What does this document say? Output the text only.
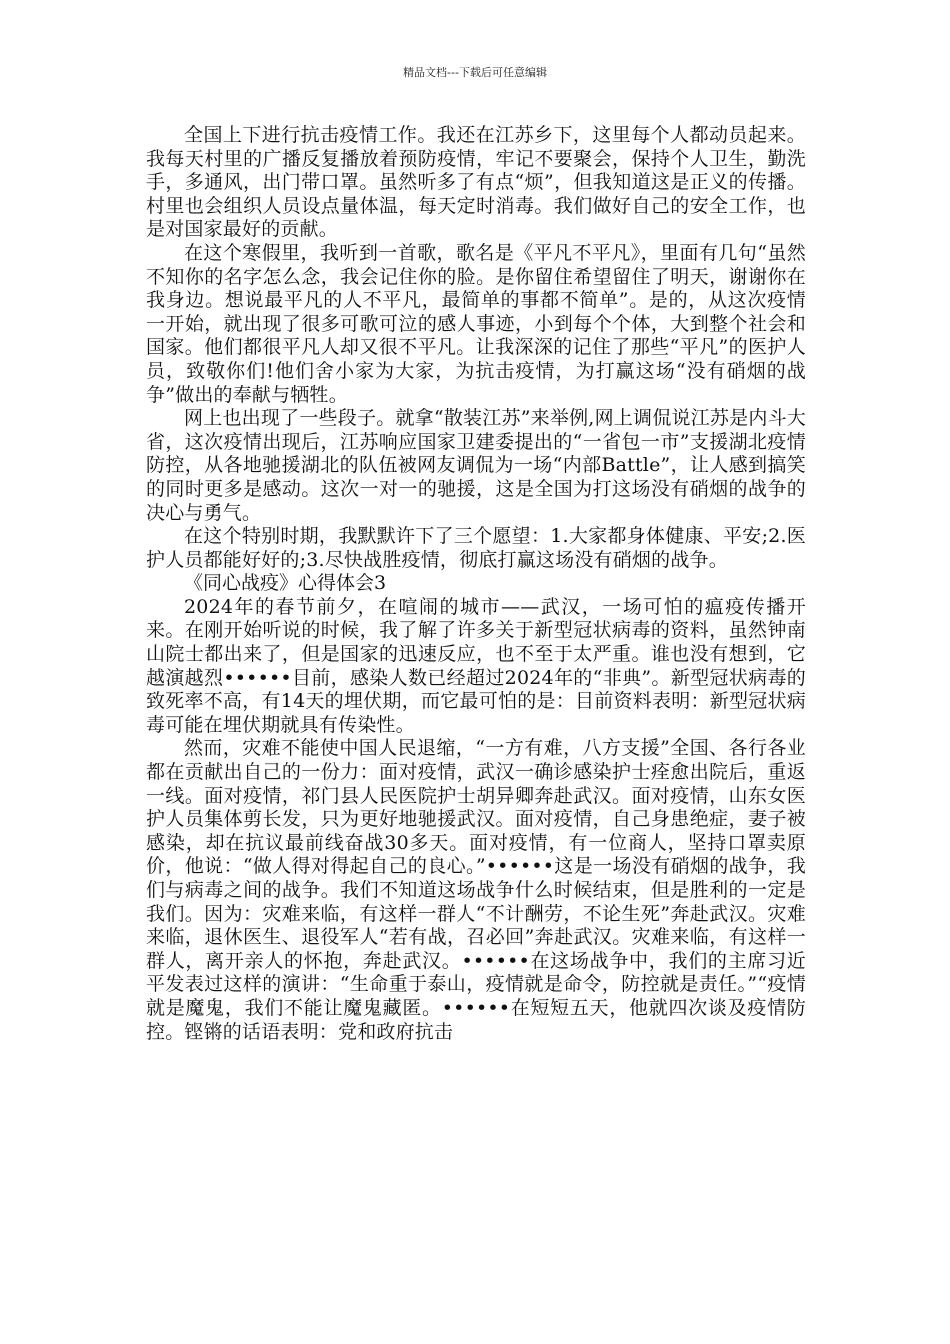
精品文档---下载后可任意编辑

全国上下进行抗击疫情工作。我还在江苏乡下，这里每个人都动员起来。我每天村里的广播反复播放着预防疫情，牢记不要聚会，保持个人卫生，勤洗手，多通风，出门带口罩。虽然听多了有点“烦”，但我知道这是正义的传播。村里也会组织人员设点量体温，每天定时消毒。我们做好自己的安全工作，也是对国家最好的贡献。

在这个寒假里，我听到一首歌，歌名是《平凡不平凡》，里面有几句“虽然不知你的名字怎么念，我会记住你的脸。是你留住希望留住了明天，谢谢你在我身边。想说最平凡的人不平凡，最简单的事都不简单”。是的，从这次疫情一开始，就出现了很多可歌可泣的感人事迹，小到每个个体，大到整个社会和国家。他们都很平凡人却又很不平凡。让我深深的记住了那些“平凡”的医护人员，致敬你们!他们舍小家为大家，为抗击疫情，为打赢这场“没有硝烟的战争”做出的奉献与牺牲。

网上也出现了一些段子。就拿“散装江苏”来举例,网上调侃说江苏是内斗大省，这次疫情出现后，江苏响应国家卫建委提出的“一省包一市”支援湖北疫情防控，从各地驰援湖北的队伍被网友调侃为一场“内部Battle”，让人感到搞笑的同时更多是感动。这次一对一的驰援，这是全国为打这场没有硝烟的战争的决心与勇气。

在这个特别时期，我默默许下了三个愿望：1.大家都身体健康、平安;2.医护人员都能好好的;3.尽快战胜疫情，彻底打赢这场没有硝烟的战争。

《同心战疫》心得体会3

2024年的春节前夕，在喧闹的城市——武汉，一场可怕的瘟疫传播开来。在刚开始听说的时候，我了解了许多关于新型冠状病毒的资料，虽然钟南山院士都出来了，但是国家的迅速反应，也不至于太严重。谁也没有想到，它越演越烈••••••目前，感染人数已经超过2024年的“非典”。新型冠状病毒的致死率不高，有14天的埋伏期，而它最可怕的是：目前资料表明：新型冠状病毒可能在埋伏期就具有传染性。

然而，灾难不能使中国人民退缩，“一方有难，八方支援”全国、各行各业都在贡献出自己的一份力：面对疫情，武汉一确诊感染护士痊愈出院后，重返一线。面对疫情，祁门县人民医院护士胡异卿奔赴武汉。面对疫情，山东女医护人员集体剪长发，只为更好地驰援武汉。面对疫情，自己身患绝症，妻子被感染，却在抗议最前线奋战30多天。面对疫情，有一位商人，坚持口罩卖原价，他说：“做人得对得起自己的良心。”••••••这是一场没有硝烟的战争，我们与病毒之间的战争。我们不知道这场战争什么时候结束，但是胜利的一定是我们。因为：灾难来临，有这样一群人“不计酬劳，不论生死”奔赴武汉。灾难来临，退休医生、退役军人“若有战，召必回”奔赴武汉。灾难来临，有这样一群人，离开亲人的怀抱，奔赴武汉。••••••在这场战争中，我们的主席习近平发表过这样的演讲：“生命重于泰山，疫情就是命令，防控就是责任。”“疫情就是魔鬼，我们不能让魔鬼藏匿。••••••在短短五天，他就四次谈及疫情防控。铿锵的话语表明：党和政府抗击
